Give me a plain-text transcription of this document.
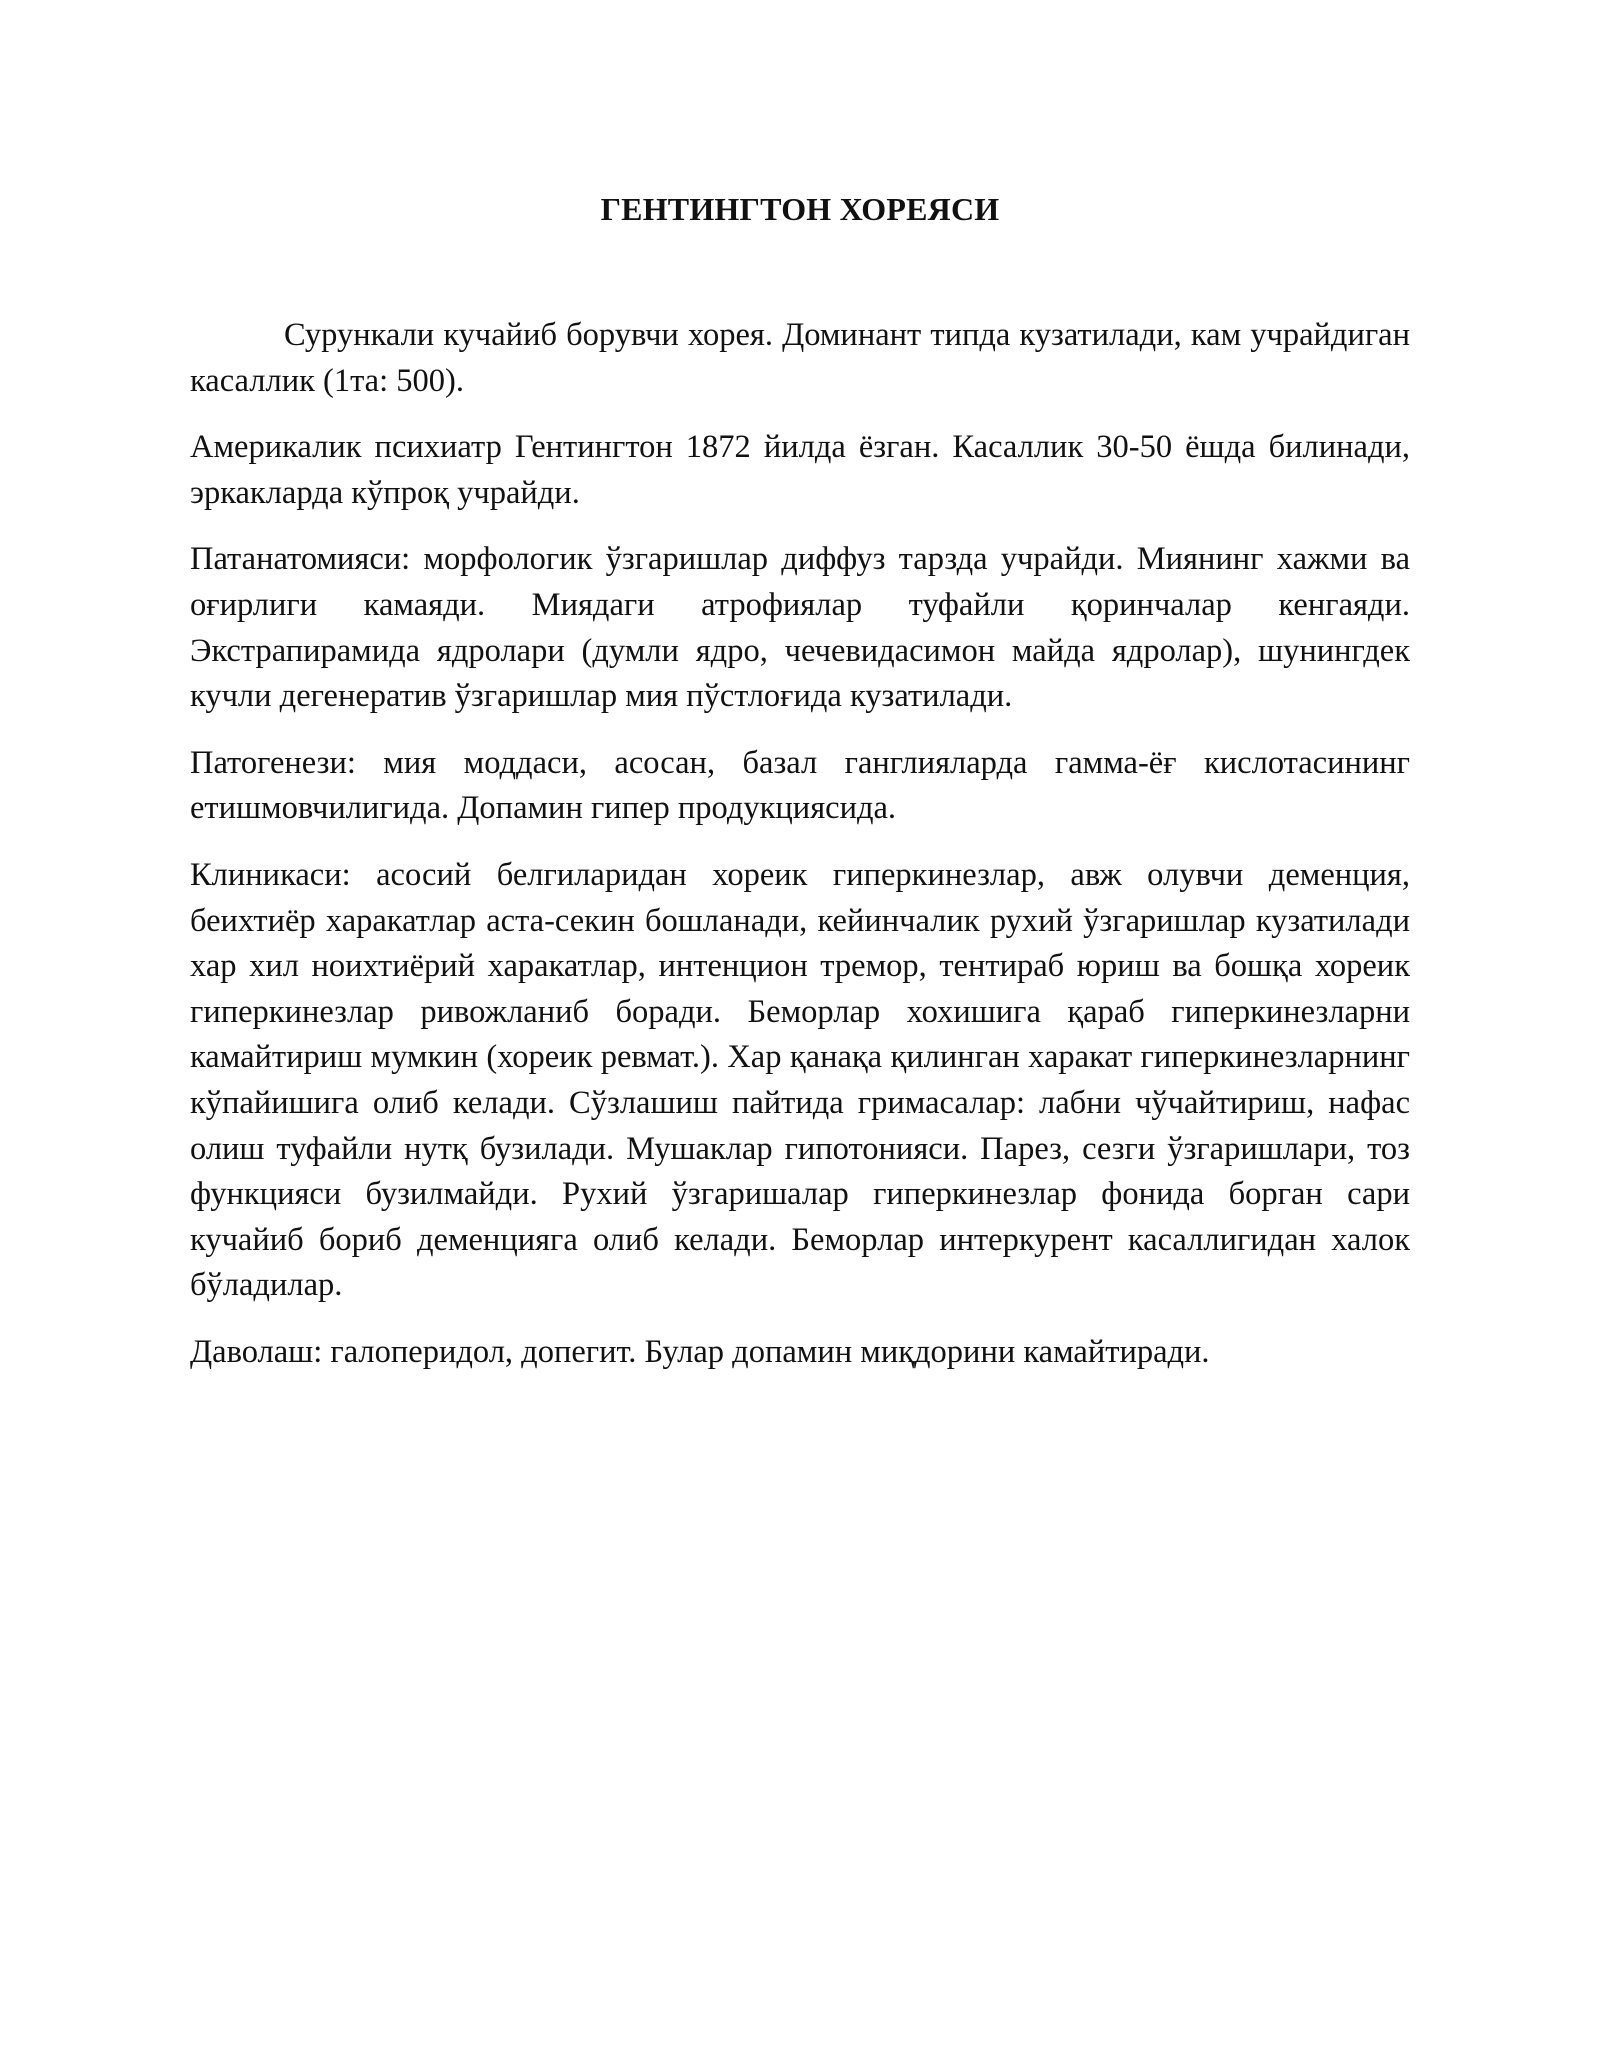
ГЕНТИНГТОН ХОРЕЯСИ

Сурункали кучайиб борувчи хорея. Доминант типда кузатилади, кам учрайдиган касаллик (1та: 500).

Америкалик психиатр Гентингтон 1872 йилда ёзган. Касаллик 30-50 ёшда билинади, эркакларда кўпроқ учрайди.

Патанатомияси: морфологик ўзгаришлар диффуз тарзда учрайди. Миянинг хажми ва оғирлиги камаяди. Миядаги атрофиялар туфайли қоринчалар кенгаяди. Экстрапирамида ядролари (думли ядро, чечевидасимон майда ядролар), шунингдек кучли дегенератив ўзгаришлар мия пўстлоғида кузатилади.

Патогенези: мия моддаси, асосан, базал ганглияларда гамма-ёғ кислотасининг етишмовчилигида. Допамин гипер продукциясида.

Клиникаси: асосий белгиларидан хореик гиперкинезлар, авж олувчи деменция, беихтиёр харакатлар аста-секин бошланади, кейинчалик рухий ўзгаришлар кузатилади хар хил ноихтиёрий харакатлар, интенцион тремор, тентираб юриш ва бошқа хореик гиперкинезлар ривожланиб боради. Беморлар хохишига қараб гиперкинезларни камайтириш мумкин (хореик ревмат.). Хар қанақа қилинган харакат гиперкинезларнинг кўпайишига олиб келади. Сўзлашиш пайтида гримасалар: лабни чўчайтириш, нафас олиш туфайли нутқ бузилади. Мушаклар гипотонияси. Парез, сезги ўзгаришлари, тоз функцияси бузилмайди. Рухий ўзгаришалар гиперкинезлар фонида борган сари кучайиб бориб деменцияга олиб келади. Беморлар интеркурент касаллигидан халок бўладилар.

Даволаш: галоперидол, допегит. Булар допамин миқдорини камайтиради.
